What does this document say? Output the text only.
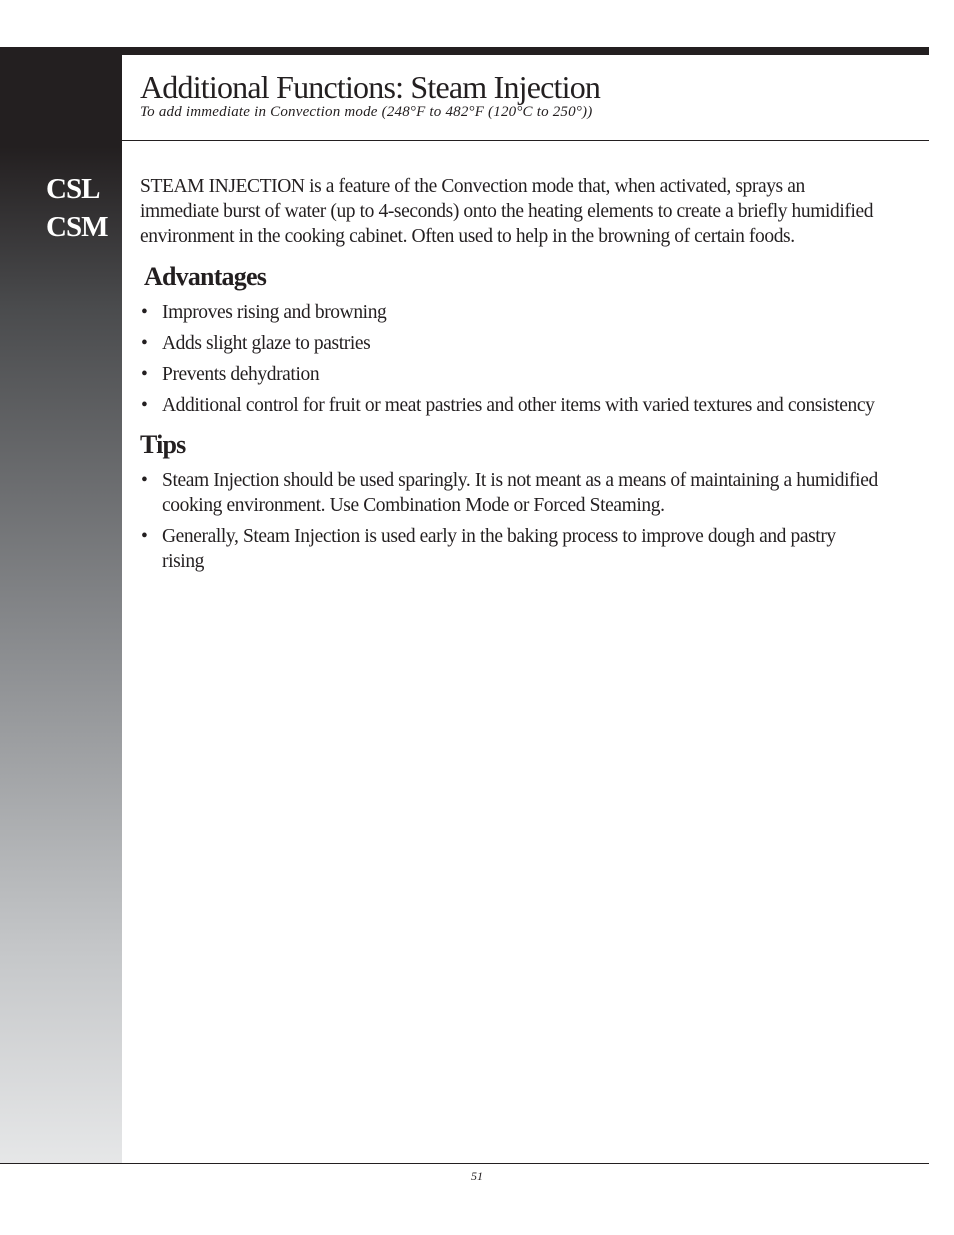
CSL
CSM
Additional Functions: Steam Injection

To add immediate in Convection mode (248°F to 482°F (120°C to 250°))

STEAM INJECTION is a feature of the Convection mode that, when activated, sprays an immediate burst of water (up to 4-seconds) onto the heating elements to create a briefly humidified environment in the cooking cabinet. Often used to help in the browning of certain foods.

Advantages
• Improves rising and browning
• Adds slight glaze to pastries
• Prevents dehydration
• Additional control for fruit or meat pastries and other items with varied textures and consistency
Tips
• Steam Injection should be used sparingly. It is not meant as a means of maintaining a humidified cooking environment. Use Combination Mode or Forced Steaming.
• Generally, Steam Injection is used early in the baking process to improve dough and pastry rising
51
